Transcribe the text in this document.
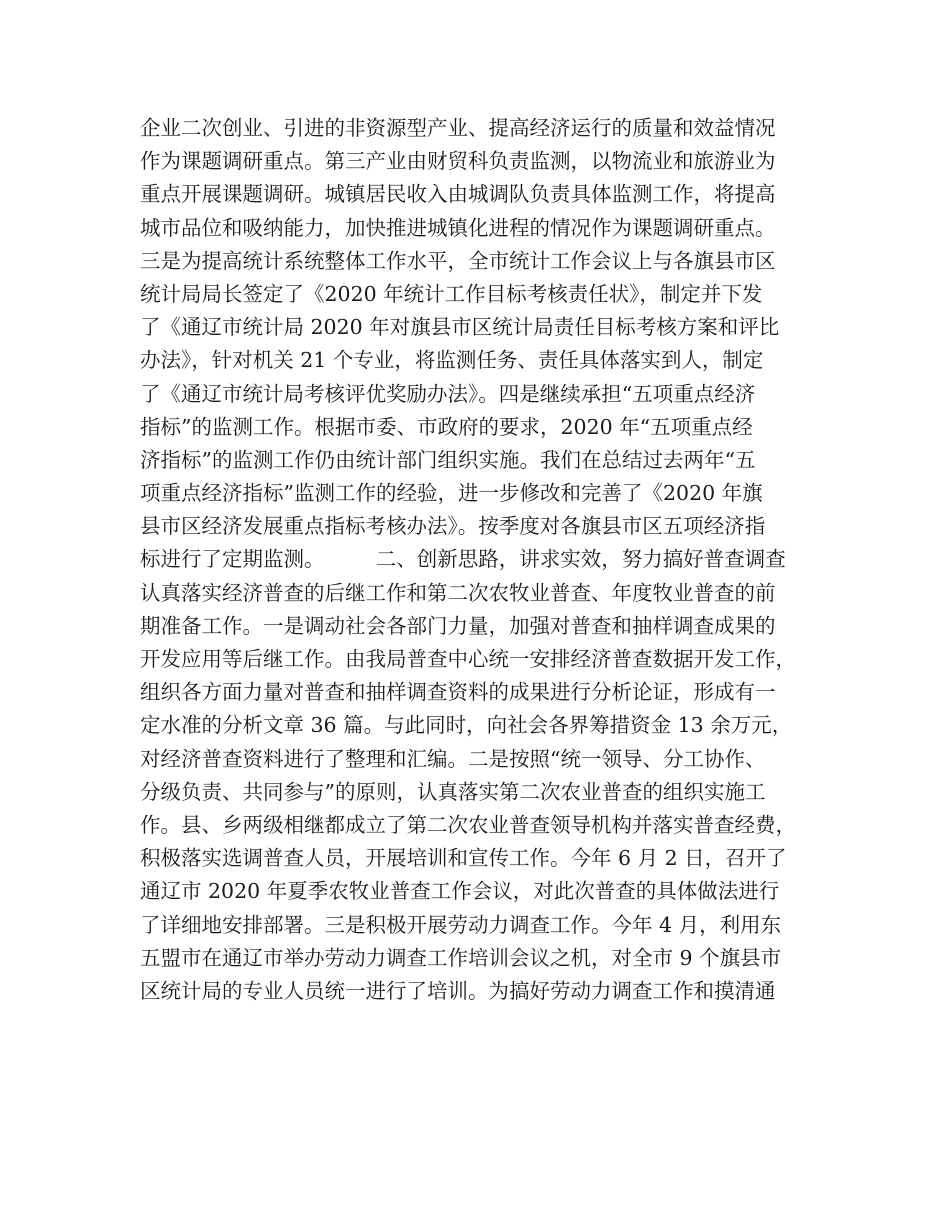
企业二次创业、引进的非资源型产业、提高经济运行的质量和效益情况
作为课题调研重点。第三产业由财贸科负责监测，以物流业和旅游业为
重点开展课题调研。城镇居民收入由城调队负责具体监测工作，将提高
城市品位和吸纳能力，加快推进城镇化进程的情况作为课题调研重点。
三是为提高统计系统整体工作水平，全市统计工作会议上与各旗县市区
统计局局长签定了《2020 年统计工作目标考核责任状》，制定并下发
了《通辽市统计局 2020 年对旗县市区统计局责任目标考核方案和评比
办法》，针对机关 21 个专业，将监测任务、责任具体落实到人，制定
了《通辽市统计局考核评优奖励办法》。四是继续承担“五项重点经济
指标”的监测工作。根据市委、市政府的要求，2020 年“五项重点经
济指标”的监测工作仍由统计部门组织实施。我们在总结过去两年“五
项重点经济指标”监测工作的经验，进一步修改和完善了《2020 年旗
县市区经济发展重点指标考核办法》。按季度对各旗县市区五项经济指
标进行了定期监测。　　　二、创新思路，讲求实效，努力搞好普查调查
认真落实经济普查的后继工作和第二次农牧业普查、年度牧业普查的前
期准备工作。一是调动社会各部门力量，加强对普查和抽样调查成果的
开发应用等后继工作。由我局普查中心统一安排经济普查数据开发工作，
组织各方面力量对普查和抽样调查资料的成果进行分析论证，形成有一
定水准的分析文章 36 篇。与此同时，向社会各界筹措资金 13 余万元，
对经济普查资料进行了整理和汇编。二是按照“统一领导、分工协作、
分级负责、共同参与”的原则，认真落实第二次农业普查的组织实施工
作。县、乡两级相继都成立了第二次农业普查领导机构并落实普查经费，
积极落实选调普查人员，开展培训和宣传工作。今年 6 月 2 日，召开了
通辽市 2020 年夏季农牧业普查工作会议，对此次普查的具体做法进行
了详细地安排部署。三是积极开展劳动力调查工作。今年 4 月，利用东
五盟市在通辽市举办劳动力调查工作培训会议之机，对全市 9 个旗县市
区统计局的专业人员统一进行了培训。为搞好劳动力调查工作和摸清通
